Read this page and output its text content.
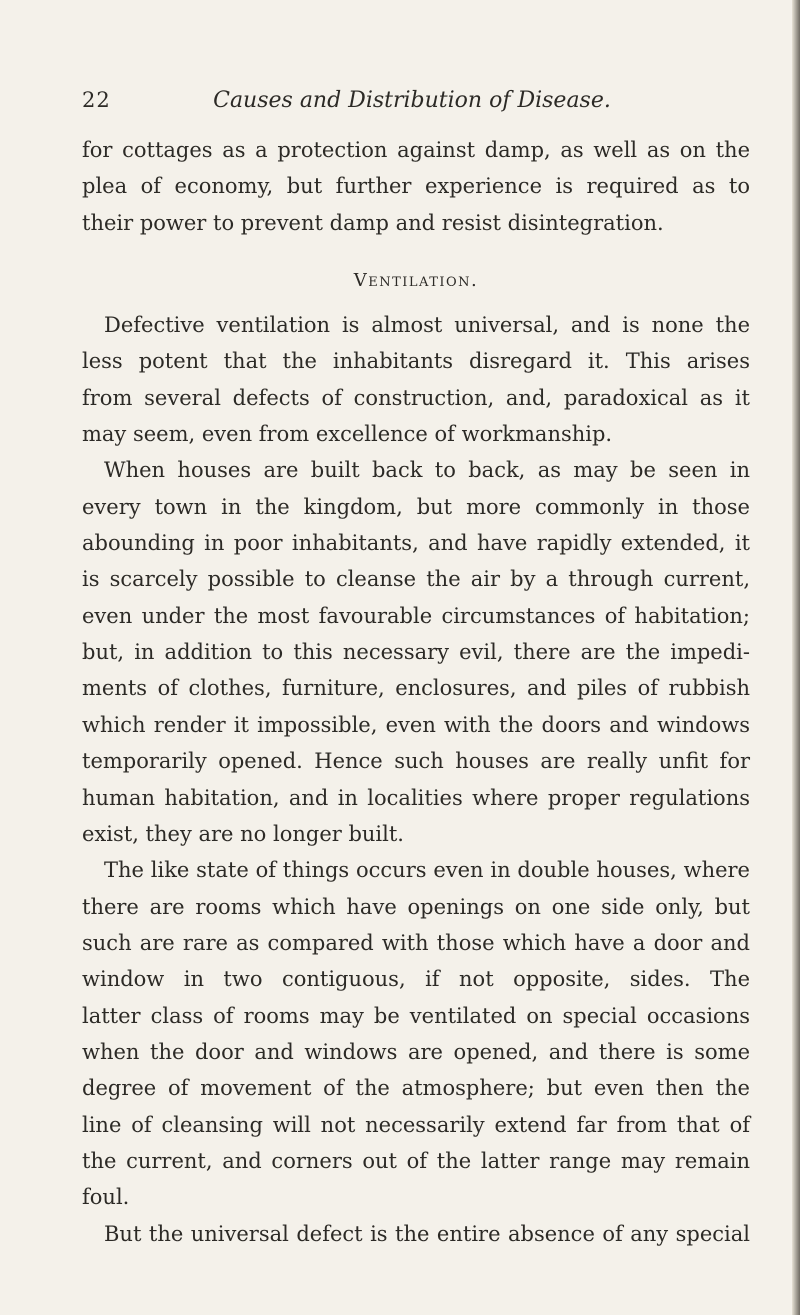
22	Causes and Distribution of Disease.
for cottages as a protection against damp, as well as on the
plea of economy, but further experience is required as to
their power to prevent damp and resist disintegration.
Ventilation.
Defective ventilation is almost universal, and is none the
less potent that the inhabitants disregard it. This arises
from several defects of construction, and, paradoxical as it
may seem, even from excellence of workmanship.
When houses are built back to back, as may be seen in
every town in the kingdom, but more commonly in those
abounding in poor inhabitants, and have rapidly extended, it
is scarcely possible to cleanse the air by a through current,
even under the most favourable circumstances of habitation;
but, in addition to this necessary evil, there are the impedi-
ments of clothes, furniture, enclosures, and piles of rubbish
which render it impossible, even with the doors and windows
temporarily opened. Hence such houses are really unfit for
human habitation, and in localities where proper regulations
exist, they are no longer built.
The like state of things occurs even in double houses, where
there are rooms which have openings on one side only, but
such are rare as compared with those which have a door and
window in two contiguous, if not opposite, sides. The
latter class of rooms may be ventilated on special occasions
when the door and windows are opened, and there is some
degree of movement of the atmosphere; but even then the
line of cleansing will not necessarily extend far from that of
the current, and corners out of the latter range may remain
foul.
But the universal defect is the entire absence of any special
